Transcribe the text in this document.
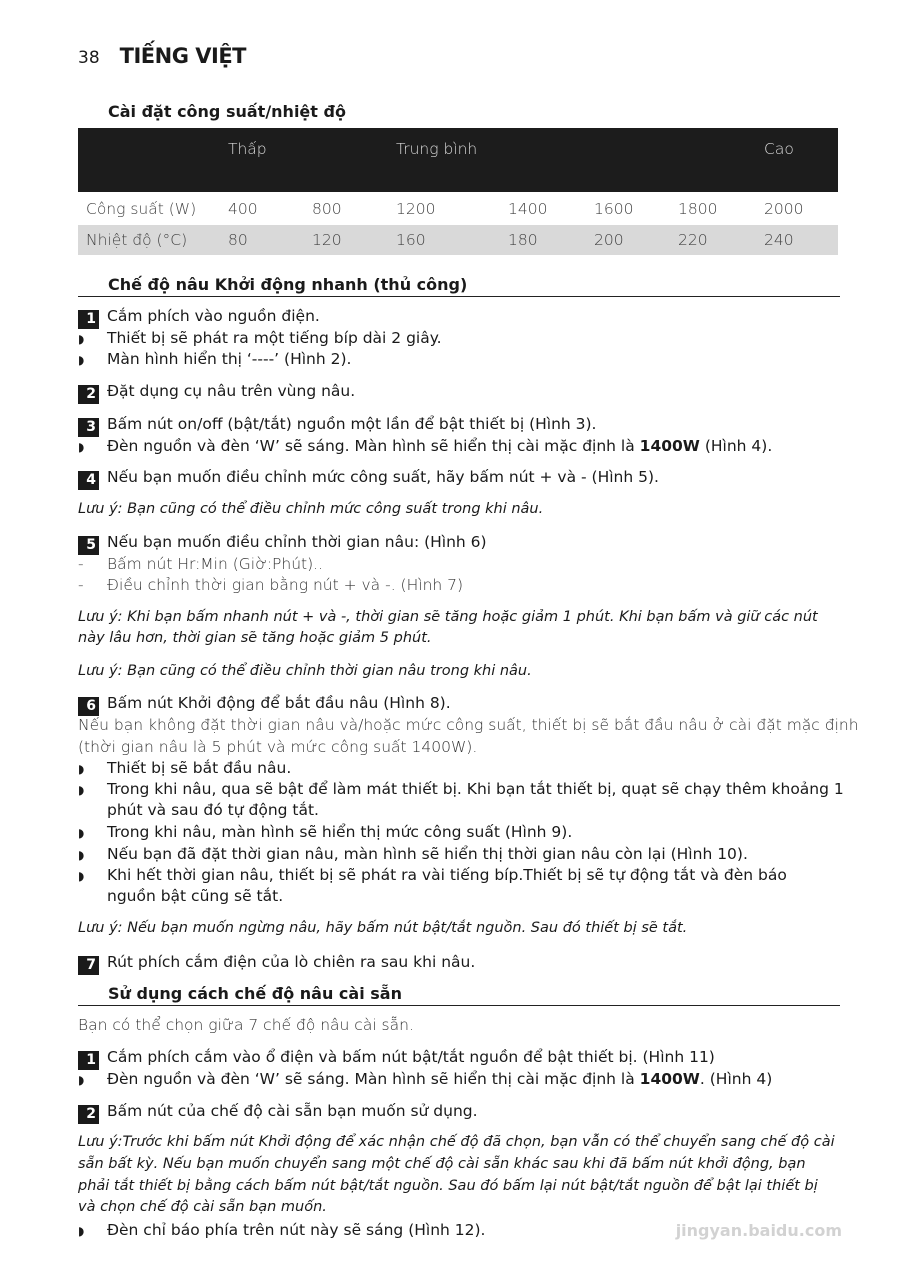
38 TIẾNG VIỆT
Cài đặt công suất/nhiệt độ
Thấp	Trung bình	Cao
Công suất (W) 400	800	1200	1400	1600	1800	2000
Nhiệt độ (°C)	80	120	160	180	200	220	240
Chế độ nâu Khởi động nhanh (thủ công)
1 Cắm phích vào nguồn điện.
◗ Thiết bị sẽ phát ra một tiếng bíp dài 2 giây.
◗ Màn hình hiển thị ‘----’ (Hình 2).
2 Đặt dụng cụ nâu trên vùng nâu.
3 Bấm nút on/off (bật/tắt) nguồn một lần để bật thiết bị (Hình 3).
◗ Đèn nguồn và đèn ‘W’ sẽ sáng. Màn hình sẽ hiển thị cài mặc định là 1400W (Hình 4).
4 Nếu bạn muốn điều chỉnh mức công suất, hãy bấm nút + và - (Hình 5).
Lưu ý: Bạn cũng có thể điều chỉnh mức công suất trong khi nâu.
5 Nếu bạn muốn điều chỉnh thời gian nâu: (Hình 6)
- Bấm nút Hr:Min (Giờ:Phút)..
- Điều chỉnh thời gian bằng nút + và -. (Hình 7)
Lưu ý: Khi bạn bấm nhanh nút + và -, thời gian sẽ tăng hoặc giảm 1 phút. Khi bạn bấm và giữ các nút
này lâu hơn, thời gian sẽ tăng hoặc giảm 5 phút.
Lưu ý: Bạn cũng có thể điều chỉnh thời gian nâu trong khi nâu.
6 Bấm nút Khởi động để bắt đầu nâu (Hình 8).
Nếu bạn không đặt thời gian nâu và/hoặc mức công suất, thiết bị sẽ bắt đầu nâu ở cài đặt mặc định
(thời gian nâu là 5 phút và mức công suất 1400W).
◗ Thiết bị sẽ bắt đầu nâu.
◗ Trong khi nâu, qua sẽ bật để làm mát thiết bị. Khi bạn tắt thiết bị, quạt sẽ chạy thêm khoảng 1
phút và sau đó tự động tắt.
◗ Trong khi nâu, màn hình sẽ hiển thị mức công suất (Hình 9).
◗ Nếu bạn đã đặt thời gian nâu, màn hình sẽ hiển thị thời gian nâu còn lại (Hình 10).
◗ Khi hết thời gian nâu, thiết bị sẽ phát ra vài tiếng bíp.Thiết bị sẽ tự động tắt và đèn báo
nguồn bật cũng sẽ tắt.
Lưu ý: Nếu bạn muốn ngừng nâu, hãy bấm nút bật/tắt nguồn. Sau đó thiết bị sẽ tắt.
7 Rút phích cắm điện của lò chiên ra sau khi nâu.
Sử dụng cách chế độ nâu cài sẵn
Bạn có thể chọn giữa 7 chế độ nâu cài sẵn.
1 Cắm phích cắm vào ổ điện và bấm nút bật/tắt nguồn để bật thiết bị. (Hình 11)
◗ Đèn nguồn và đèn ‘W’ sẽ sáng. Màn hình sẽ hiển thị cài mặc định là 1400W. (Hình 4)
2 Bấm nút của chế độ cài sẵn bạn muốn sử dụng.
Lưu ý:Trước khi bấm nút Khởi động để xác nhận chế độ đã chọn, bạn vẫn có thể chuyển sang chế độ cài
sẵn bất kỳ. Nếu bạn muốn chuyển sang một chế độ cài sẵn khác sau khi đã bấm nút khởi động, bạn
phải tắt thiết bị bằng cách bấm nút bật/tắt nguồn. Sau đó bấm lại nút bật/tắt nguồn để bật lại thiết bị
và chọn chế độ cài sẵn bạn muốn.
◗ Đèn chỉ báo phía trên nút này sẽ sáng (Hình 12).	jingyan.baidu.com
